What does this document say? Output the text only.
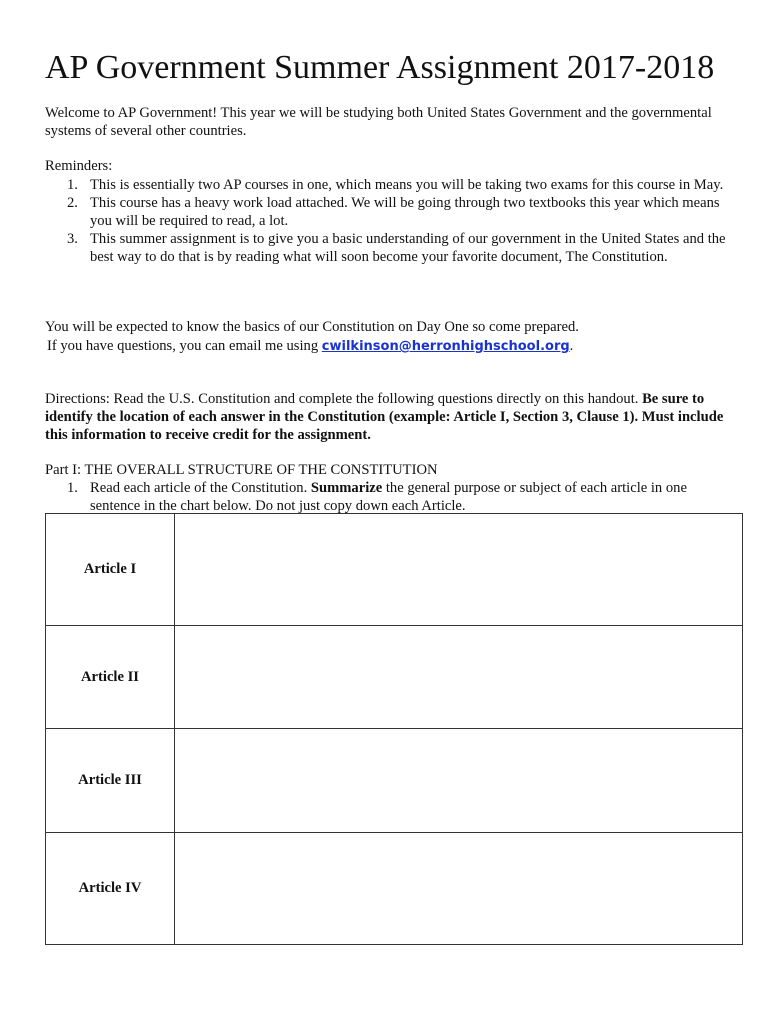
AP Government Summer Assignment 2017-2018

Welcome to AP Government! This year we will be studying both United States Government and the governmental systems of several other countries.

Reminders:

1. This is essentially two AP courses in one, which means you will be taking two exams for this course in May.
2. This course has a heavy work load attached. We will be going through two textbooks this year which means you will be required to read, a lot.
3. This summer assignment is to give you a basic understanding of our government in the United States and the best way to do that is by reading what will soon become your favorite document, The Constitution.

You will be expected to know the basics of our Constitution on Day One so come prepared.

If you have questions, you can email me using cwilkinson@herronhighschool.org.

Directions: Read the U.S. Constitution and complete the following questions directly on this handout. Be sure to identify the location of each answer in the Constitution (example: Article I, Section 3, Clause 1). Must include this information to receive credit for the assignment.

Part I: THE OVERALL STRUCTURE OF THE CONSTITUTION

1. Read each article of the Constitution. Summarize the general purpose or subject of each article in one sentence in the chart below. Do not just copy down each Article.
Article I	
Article II	
Article III	
Article IV	
